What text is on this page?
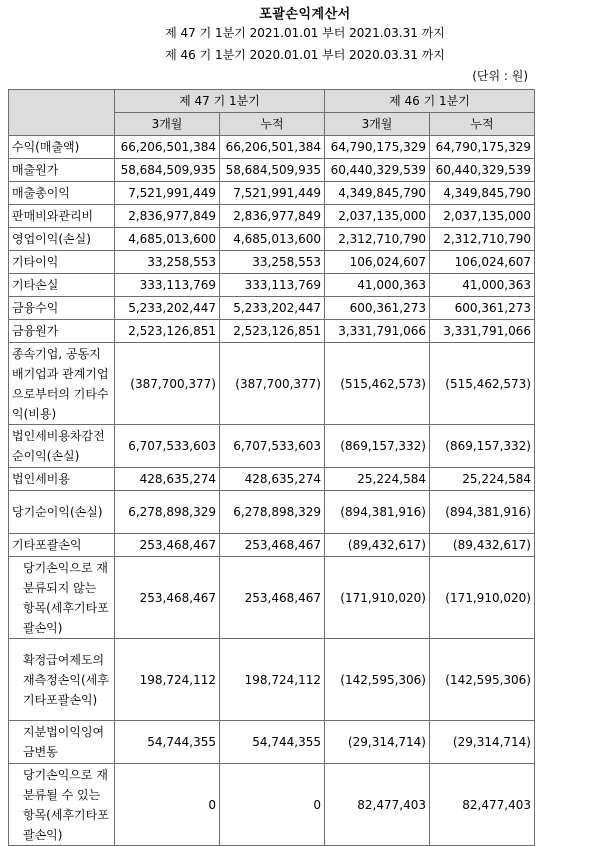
포괄손익계산서
제 47 기 1분기 2021.01.01 부터 2021.03.31 까지
제 46 기 1분기 2020.01.01 부터 2020.03.31 까지
(단위 : 원)
	제 47 기 1분기		제 46 기 1분기	
	3개월	누적	3개월	누적
수익(매출액)	66,206,501,384	66,206,501,384	64,790,175,329	64,790,175,329
매출원가	58,684,509,935	58,684,509,935	60,440,329,539	60,440,329,539
매출총이익	7,521,991,449	7,521,991,449	4,349,845,790	4,349,845,790
판매비와관리비	2,836,977,849	2,836,977,849	2,037,135,000	2,037,135,000
영업이익(손실)	4,685,013,600	4,685,013,600	2,312,710,790	2,312,710,790
기타이익	33,258,553	33,258,553	106,024,607	106,024,607
기타손실	333,113,769	333,113,769	41,000,363	41,000,363
금융수익	5,233,202,447	5,233,202,447	600,361,273	600,361,273
금융원가	2,523,126,851	2,523,126,851	3,331,791,066	3,331,791,066
종속기업, 공동지배기업과 관계기업으로부터의 기타수익(비용)	(387,700,377)	(387,700,377)	(515,462,573)	(515,462,573)
법인세비용차감전순이익(손실)	6,707,533,603	6,707,533,603	(869,157,332)	(869,157,332)
법인세비용	428,635,274	428,635,274	25,224,584	25,224,584
당기순이익(손실)	6,278,898,329	6,278,898,329	(894,381,916)	(894,381,916)
기타포괄손익	253,468,467	253,468,467	(89,432,617)	(89,432,617)
당기손익으로 재분류되지 않는 항목(세후기타포괄손익)	253,468,467	253,468,467	(171,910,020)	(171,910,020)
확정급여제도의 재측정손익(세후기타포괄손익)	198,724,112	198,724,112	(142,595,306)	(142,595,306)
지분법이익잉여금변동	54,744,355	54,744,355	(29,314,714)	(29,314,714)
당기손익으로 재분류될 수 있는 항목(세후기타포괄손익)	0	0	82,477,403	82,477,403
